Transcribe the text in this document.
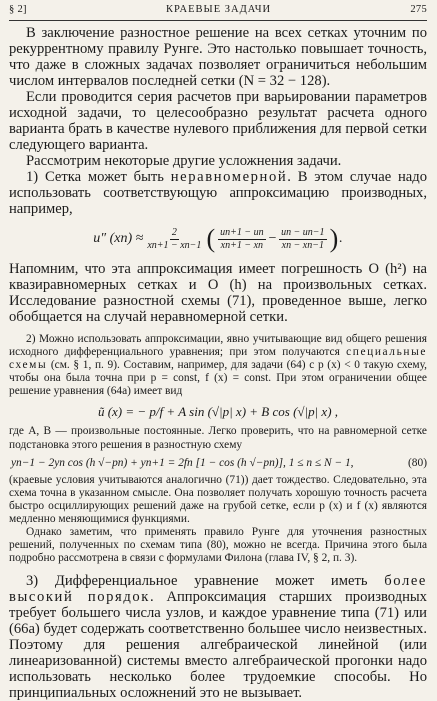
§ 2]	КРАЕВЫЕ ЗАДАЧИ	275

В заключение разностное решение на всех сетках уточним по рекуррентному правилу Рунге. Это настолько повышает точность, что даже в сложных задачах позволяет ограничиться небольшим числом интервалов последней сетки (N = 32 − 128).

Если проводится серия расчетов при варьировании параметров исходной задачи, то целесообразно результат расчета одного варианта брать в качестве нулевого приближения для первой сетки следующего варианта.

Рассмотрим некоторые другие усложнения задачи.

1) Сетка может быть неравномерной. В этом случае надо использовать соответствующую аппроксимацию производных, например,

u″ $(xn) \approx \frac{2}{xn+1 - xn-1}$ ( $\frac{un+1 - un}{xn+1 - xn} - \frac{un - un-1}{xn - xn-1}$ ) .

Напомним, что эта аппроксимация имеет погрешность O (h²) на квазиравномерных сетках и O (h) на произвольных сетках. Исследование разностной схемы (71), проведенное выше, легко обобщается на случай неравномерной сетки.

2) Можно использовать аппроксимации, явно учитывающие вид общего решения исходного дифференциального уравнения; при этом получаются специальные схемы (см. § 1, п. 9). Составим, например, для задачи (64) с p (x) < 0 такую схему, чтобы она была точна при p = const, f (x) = const. При этом ограничении общее решение уравнения (64а) имеет вид

ũ (x) = − p/f + A sin (√|p| x) + B cos (√|p| x) ,

где A, B — произвольные постоянные. Легко проверить, что на равномерной сетке подстановка этого решения в разностную схему

yn−1 − 2yn cos (h √−pn) + yn+1 = 2fn [1 − cos (h √−pn)], 1 ≤ n ≤ N − 1,	(80)

(краевые условия учитываются аналогично (71)) дает тождество. Следовательно, эта схема точна в указанном смысле. Она позволяет получать хорошую точность расчета быстро осциллирующих решений даже на грубой сетке, если p (x) и f (x) являются медленно меняющимися функциями.

Однако заметим, что применять правило Рунге для уточнения разностных решений, полученных по схемам типа (80), можно не всегда. Причина этого была подробно рассмотрена в связи с формулами Филона (глава IV, § 2, п. 3).

3) Дифференциальное уравнение может иметь более высокий порядок. Аппроксимация старших производных требует большего числа узлов, и каждое уравнение типа (71) или (66а) будет содержать соответственно большее число неизвестных. Поэтому для решения алгебраической линейной (или линеаризованной) системы вместо алгебраической прогонки надо использовать несколько более трудоемкие способы. Но принципиальных осложнений это не вызывает.
